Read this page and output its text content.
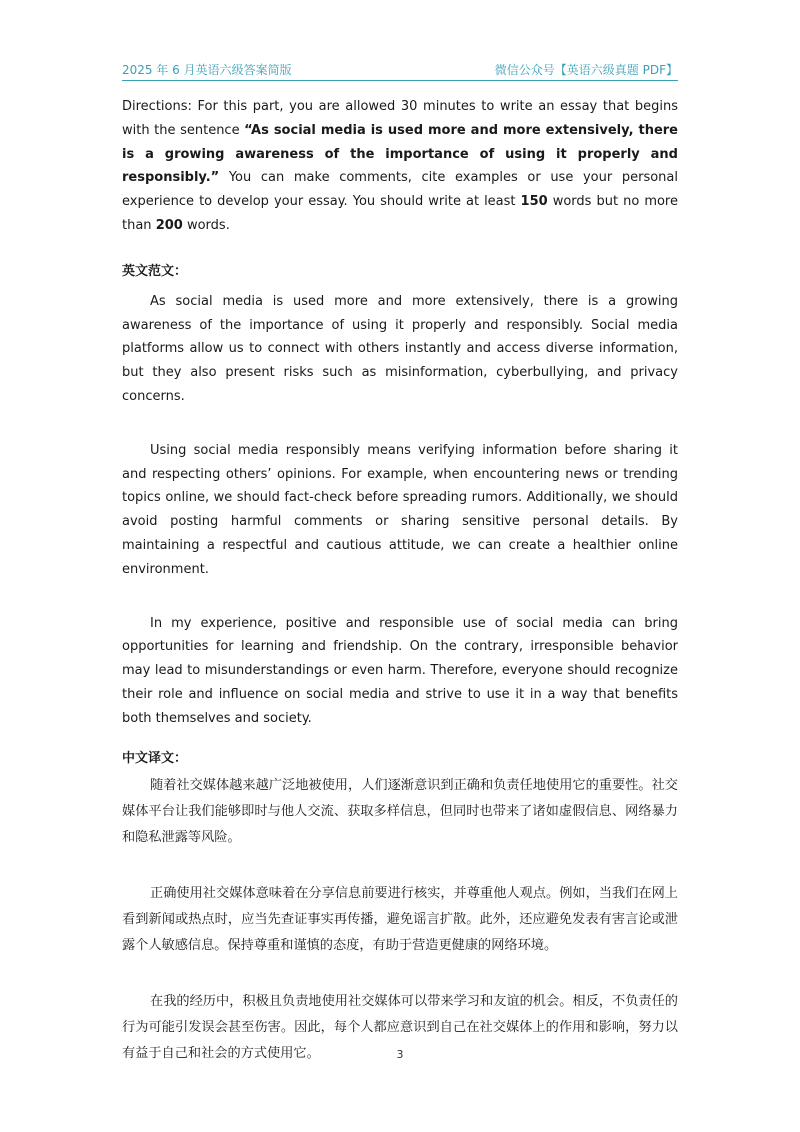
2025 年 6 月英语六级答案简版	微信公众号【英语六级真题 PDF】

Directions: For this part, you are allowed 30 minutes to write an essay that begins with the sentence “As social media is used more and more extensively, there is a growing awareness of the importance of using it properly and responsibly.” You can make comments, cite examples or use your personal experience to develop your essay. You should write at least 150 words but no more than 200 words.

英文范文：

As social media is used more and more extensively, there is a growing awareness of the importance of using it properly and responsibly. Social media platforms allow us to connect with others instantly and access diverse information, but they also present risks such as misinformation, cyberbullying, and privacy concerns.

Using social media responsibly means verifying information before sharing it and respecting others’ opinions. For example, when encountering news or trending topics online, we should fact-check before spreading rumors. Additionally, we should avoid posting harmful comments or sharing sensitive personal details. By maintaining a respectful and cautious attitude, we can create a healthier online environment.

In my experience, positive and responsible use of social media can bring opportunities for learning and friendship. On the contrary, irresponsible behavior may lead to misunderstandings or even harm. Therefore, everyone should recognize their role and influence on social media and strive to use it in a way that benefits both themselves and society.

中文译文：

随着社交媒体越来越广泛地被使用，人们逐渐意识到正确和负责任地使用它的重要性。社交媒体平台让我们能够即时与他人交流、获取多样信息，但同时也带来了诸如虚假信息、网络暴力和隐私泄露等风险。

正确使用社交媒体意味着在分享信息前要进行核实，并尊重他人观点。例如，当我们在网上看到新闻或热点时，应当先查证事实再传播，避免谣言扩散。此外，还应避免发表有害言论或泄露个人敏感信息。保持尊重和谨慎的态度，有助于营造更健康的网络环境。

在我的经历中，积极且负责地使用社交媒体可以带来学习和友谊的机会。相反，不负责任的行为可能引发误会甚至伤害。因此，每个人都应意识到自己在社交媒体上的作用和影响，努力以有益于自己和社会的方式使用它。	3
